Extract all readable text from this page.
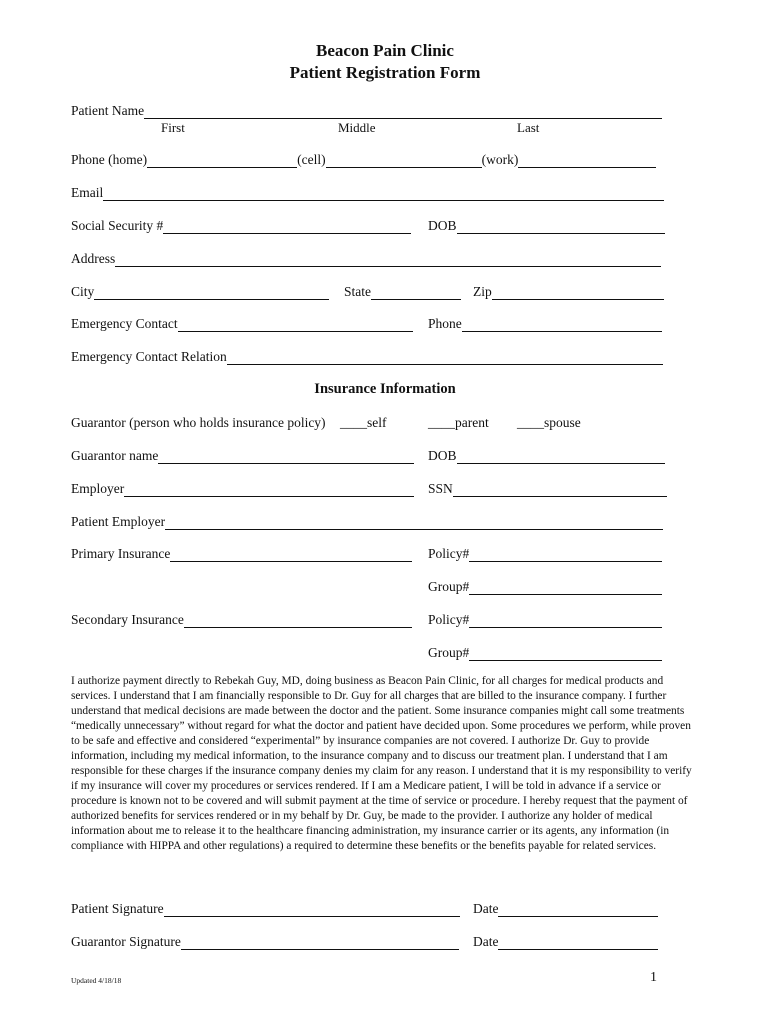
Beacon Pain Clinic
Patient Registration Form
Patient Name
First	Middle	Last
Phone (home)	(cell)	(work)
Email
Social Security #	DOB
Address
City	State	Zip
Emergency Contact	Phone
Emergency Contact Relation
Insurance Information
Guarantor (person who holds insurance policy) ____self	____parent ____spouse
Guarantor name	DOB
Employer	SSN
Patient Employer
Primary Insurance	Policy#
Group#
Secondary Insurance	Policy#
Group#
I authorize payment directly to Rebekah Guy, MD, doing business as Beacon Pain Clinic, for all charges for medical products and services. I understand that I am financially responsible to Dr. Guy for all charges that are billed to the insurance company. I further understand that medical decisions are made between the doctor and the patient. Some insurance companies might call some treatments “medically unnecessary” without regard for what the doctor and patient have decided upon. Some procedures we perform, while proven to be safe and effective and considered “experimental” by insurance companies are not covered. I authorize Dr. Guy to provide information, including my medical information, to the insurance company and to discuss our treatment plan. I understand that I am responsible for these charges if the insurance company denies my claim for any reason. I understand that it is my responsibility to verify if my insurance will cover my procedures or services rendered. If I am a Medicare patient, I will be told in advance if a service or procedure is known not to be covered and will submit payment at the time of service or procedure. I hereby request that the payment of authorized benefits for services rendered or in my behalf by Dr. Guy, be made to the provider. I authorize any holder of medical information about me to release it to the healthcare financing administration, my insurance carrier or its agents, any information (in compliance with HIPPA and other regulations) a required to determine these benefits or the benefits payable for related services.
Patient Signature	Date
Guarantor Signature	Date
Updated 4/18/18	1
